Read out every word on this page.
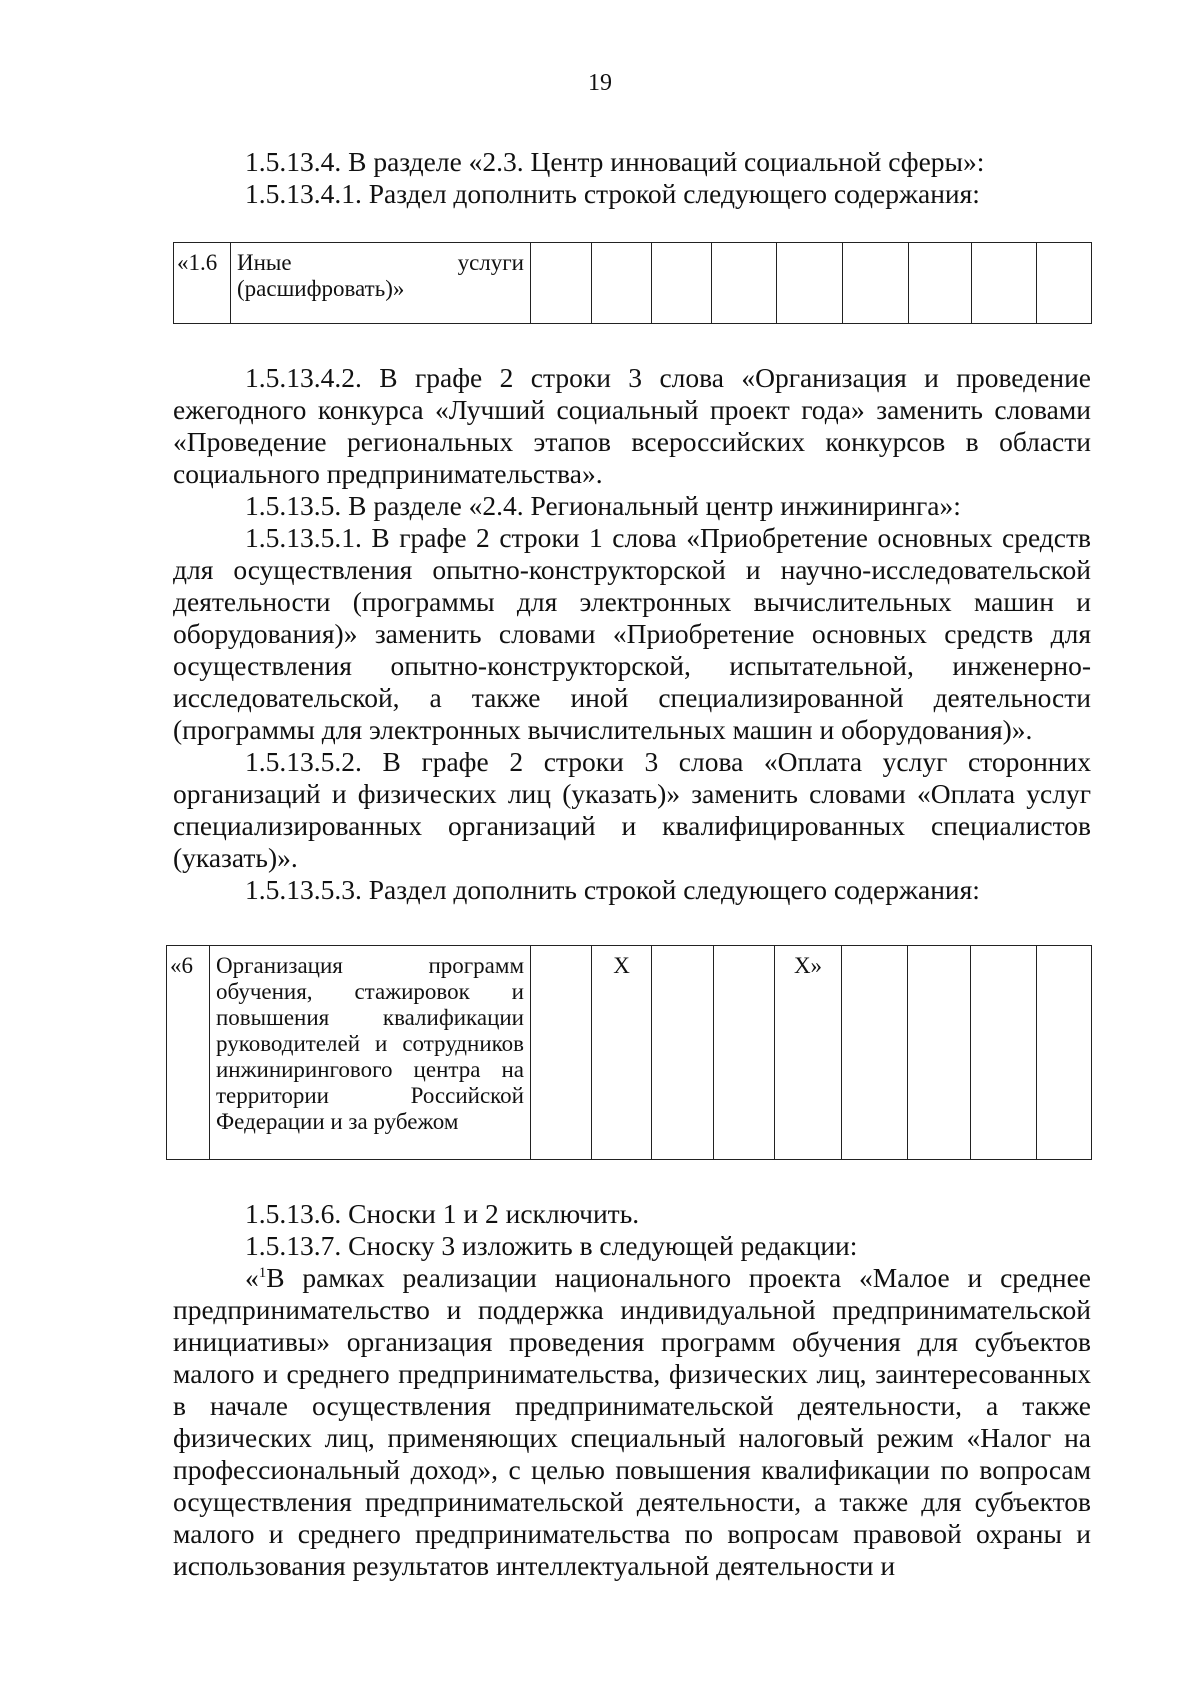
19

1.5.13.4. В разделе «2.3. Центр инноваций социальной сферы»:

1.5.13.4.1. Раздел дополнить строкой следующего содержания:

«1.6	Иные услуги (расшифровать)»									

1.5.13.4.2. В графе 2 строки 3 слова «Организация и проведение ежегодного конкурса «Лучший социальный проект года» заменить словами «Проведение региональных этапов всероссийских конкурсов в области социального предпринимательства».

1.5.13.5. В разделе «2.4. Региональный центр инжиниринга»:

1.5.13.5.1. В графе 2 строки 1 слова «Приобретение основных средств для осуществления опытно-конструкторской и научно-исследовательской деятельности (программы для электронных вычислительных машин и оборудования)» заменить словами «Приобретение основных средств для осуществления опытно-конструкторской, испытательной, инженерно-исследовательской, а также иной специализированной деятельности (программы для электронных вычислительных машин и оборудования)».

1.5.13.5.2. В графе 2 строки 3 слова «Оплата услуг сторонних организаций и физических лиц (указать)» заменить словами «Оплата услуг специализированных организаций и квалифицированных специалистов (указать)».

1.5.13.5.3. Раздел дополнить строкой следующего содержания:

«6	Организация программ обучения, стажировок и повышения квалификации руководителей и сотрудников инжинирингового центра на территории Российской Федерации и за рубежом		Х			Х»				

1.5.13.6. Сноски 1 и 2 исключить.

1.5.13.7. Сноску 3 изложить в следующей редакции:

«$^1$В рамках реализации национального проекта «Малое и среднее предпринимательство и поддержка индивидуальной предпринимательской инициативы» организация проведения программ обучения для субъектов малого и среднего предпринимательства, физических лиц, заинтересованных в начале осуществления предпринимательской деятельности, а также физических лиц, применяющих специальный налоговый режим «Налог на профессиональный доход», с целью повышения квалификации по вопросам осуществления предпринимательской деятельности, а также для субъектов малого и среднего предпринимательства по вопросам правовой охраны и использования результатов интеллектуальной деятельности и
